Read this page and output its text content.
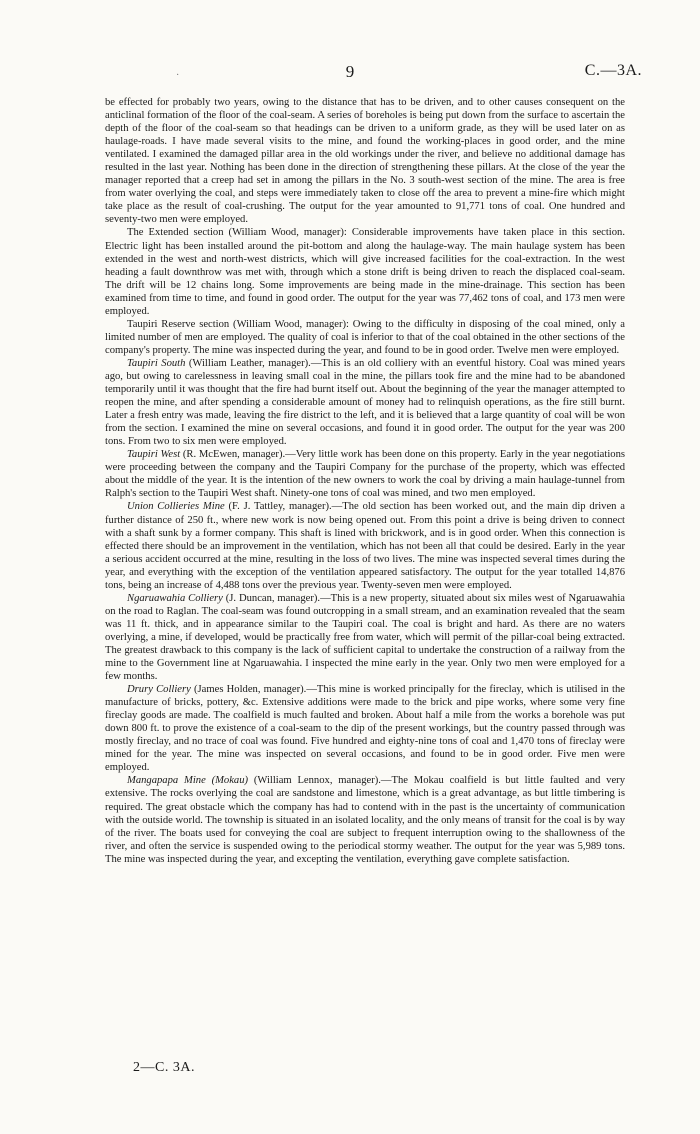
·	9	C.—3A.

be effected for probably two years, owing to the distance that has to be driven, and to other causes consequent on the anticlinal formation of the floor of the coal-seam. A series of boreholes is being put down from the surface to ascertain the depth of the floor of the coal-seam so that headings can be driven to a uniform grade, as they will be used later on as haulage-roads. I have made several visits to the mine, and found the working-places in good order, and the mine ventilated. I examined the damaged pillar area in the old workings under the river, and believe no additional damage has resulted in the last year. Nothing has been done in the direction of strengthening these pillars. At the close of the year the manager reported that a creep had set in among the pillars in the No. 3 south-west section of the mine. The area is free from water overlying the coal, and steps were immediately taken to close off the area to prevent a mine-fire which might take place as the result of coal-crushing. The output for the year amounted to 91,771 tons of coal. One hundred and seventy-two men were employed.

The Extended section (William Wood, manager): Considerable improvements have taken place in this section. Electric light has been installed around the pit-bottom and along the haulage-way. The main haulage system has been extended in the west and north-west districts, which will give increased facilities for the coal-extraction. In the west heading a fault downthrow was met with, through which a stone drift is being driven to reach the displaced coal-seam. The drift will be 12 chains long. Some improvements are being made in the mine-drainage. This section has been examined from time to time, and found in good order. The output for the year was 77,462 tons of coal, and 173 men were employed.

Taupiri Reserve section (William Wood, manager): Owing to the difficulty in disposing of the coal mined, only a limited number of men are employed. The quality of coal is inferior to that of the coal obtained in the other sections of the company's property. The mine was inspected during the year, and found to be in good order. Twelve men were employed.

Taupiri South (William Leather, manager).—This is an old colliery with an eventful history. Coal was mined years ago, but owing to carelessness in leaving small coal in the mine, the pillars took fire and the mine had to be abandoned temporarily until it was thought that the fire had burnt itself out. About the beginning of the year the manager attempted to reopen the mine, and after spending a considerable amount of money had to relinquish operations, as the fire still burnt. Later a fresh entry was made, leaving the fire district to the left, and it is believed that a large quantity of coal will be won from the section. I examined the mine on several occasions, and found it in good order. The output for the year was 200 tons. From two to six men were employed.

Taupiri West (R. McEwen, manager).—Very little work has been done on this property. Early in the year negotiations were proceeding between the company and the Taupiri Company for the purchase of the property, which was effected about the middle of the year. It is the intention of the new owners to work the coal by driving a main haulage-tunnel from Ralph's section to the Taupiri West shaft. Ninety-one tons of coal was mined, and two men employed.

Union Collieries Mine (F. J. Tattley, manager).—The old section has been worked out, and the main dip driven a further distance of 250 ft., where new work is now being opened out. From this point a drive is being driven to connect with a shaft sunk by a former company. This shaft is lined with brickwork, and is in good order. When this connection is effected there should be an improvement in the ventilation, which has not been all that could be desired. Early in the year a serious accident occurred at the mine, resulting in the loss of two lives. The mine was inspected several times during the year, and everything with the exception of the ventilation appeared satisfactory. The output for the year totalled 14,876 tons, being an increase of 4,488 tons over the previous year. Twenty-seven men were employed.

Ngaruawahia Colliery (J. Duncan, manager).—This is a new property, situated about six miles west of Ngaruawahia on the road to Raglan. The coal-seam was found outcropping in a small stream, and an examination revealed that the seam was 11 ft. thick, and in appearance similar to the Taupiri coal. The coal is bright and hard. As there are no waters overlying, a mine, if developed, would be practically free from water, which will permit of the pillar-coal being extracted. The greatest drawback to this company is the lack of sufficient capital to undertake the construction of a railway from the mine to the Government line at Ngaruawahia. I inspected the mine early in the year. Only two men were employed for a few months.

Drury Colliery (James Holden, manager).—This mine is worked principally for the fireclay, which is utilised in the manufacture of bricks, pottery, &c. Extensive additions were made to the brick and pipe works, where some very fine fireclay goods are made. The coalfield is much faulted and broken. About half a mile from the works a borehole was put down 800 ft. to prove the existence of a coal-seam to the dip of the present workings, but the country passed through was mostly fireclay, and no trace of coal was found. Five hundred and eighty-nine tons of coal and 1,470 tons of fireclay were mined for the year. The mine was inspected on several occasions, and found to be in good order. Five men were employed.

Mangapapa Mine (Mokau) (William Lennox, manager).—The Mokau coalfield is but little faulted and very extensive. The rocks overlying the coal are sandstone and limestone, which is a great advantage, as but little timbering is required. The great obstacle which the company has had to contend with in the past is the uncertainty of communication with the outside world. The township is situated in an isolated locality, and the only means of transit for the coal is by way of the river. The boats used for conveying the coal are subject to frequent interruption owing to the shallowness of the river, and often the service is suspended owing to the periodical stormy weather. The output for the year was 5,989 tons. The mine was inspected during the year, and excepting the ventilation, everything gave complete satisfaction.

2—C. 3A.
